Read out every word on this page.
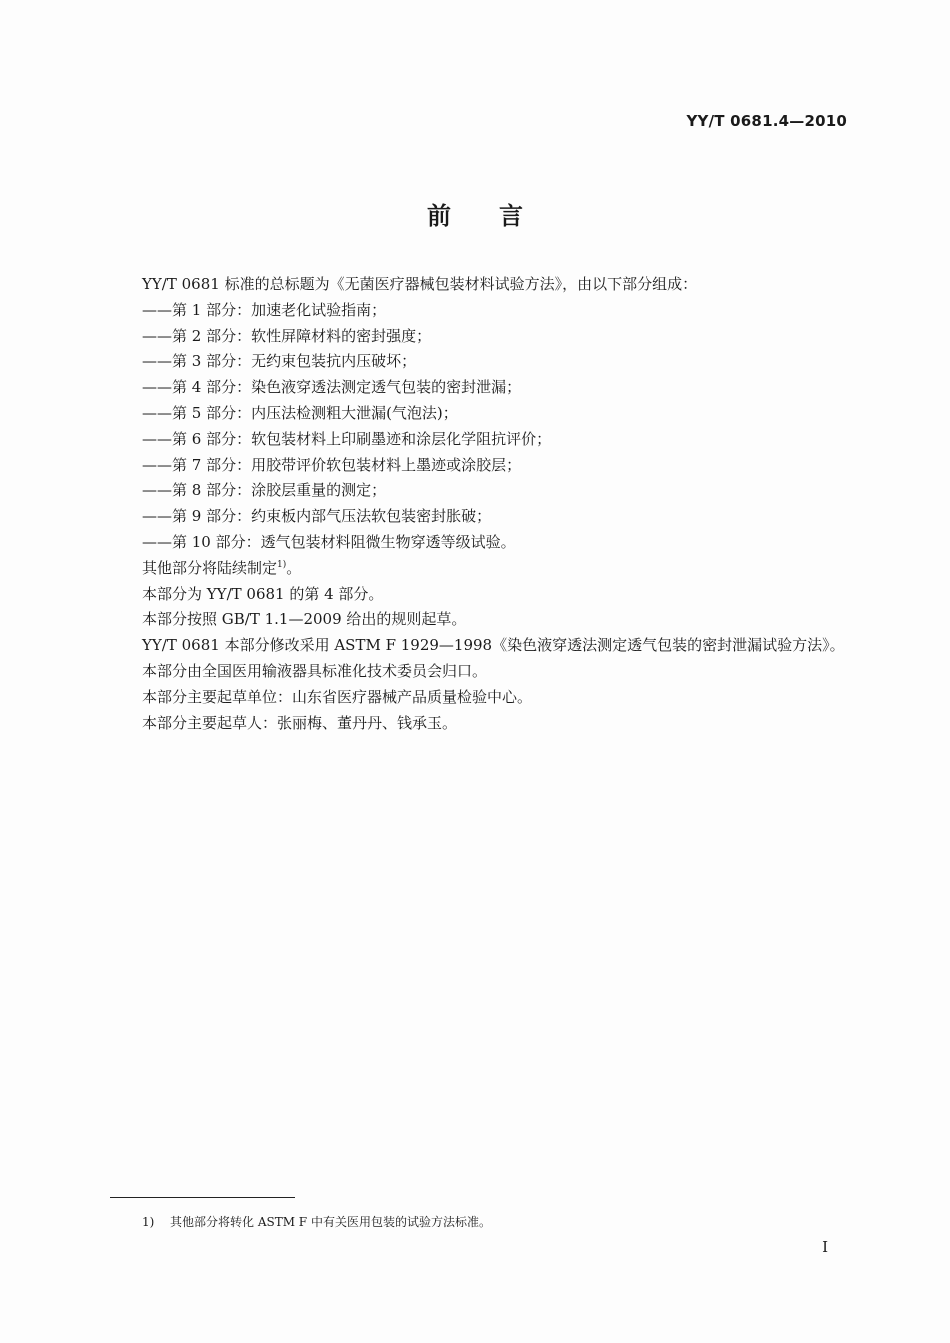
YY/T 0681.4—2010
前言

YY/T 0681 标准的总标题为《无菌医疗器械包装材料试验方法》，由以下部分组成：

——第 1 部分：加速老化试验指南；

——第 2 部分：软性屏障材料的密封强度；

——第 3 部分：无约束包装抗内压破坏；

——第 4 部分：染色液穿透法测定透气包装的密封泄漏；

——第 5 部分：内压法检测粗大泄漏(气泡法)；

——第 6 部分：软包装材料上印刷墨迹和涂层化学阻抗评价；

——第 7 部分：用胶带评价软包装材料上墨迹或涂胶层；

——第 8 部分：涂胶层重量的测定；

——第 9 部分：约束板内部气压法软包装密封胀破；

——第 10 部分：透气包装材料阻微生物穿透等级试验。

其他部分将陆续制定$^{1)}$。

本部分为 YY/T 0681 的第 4 部分。

本部分按照 GB/T 1.1—2009 给出的规则起草。

YY/T 0681 本部分修改采用 ASTM F 1929—1998《染色液穿透法测定透气包装的密封泄漏试验方法》。

本部分由全国医用输液器具标准化技术委员会归口。

本部分主要起草单位：山东省医疗器械产品质量检验中心。

本部分主要起草人：张丽梅、董丹丹、钱承玉。

1) 其他部分将转化 ASTM F 中有关医用包装的试验方法标准。
I
